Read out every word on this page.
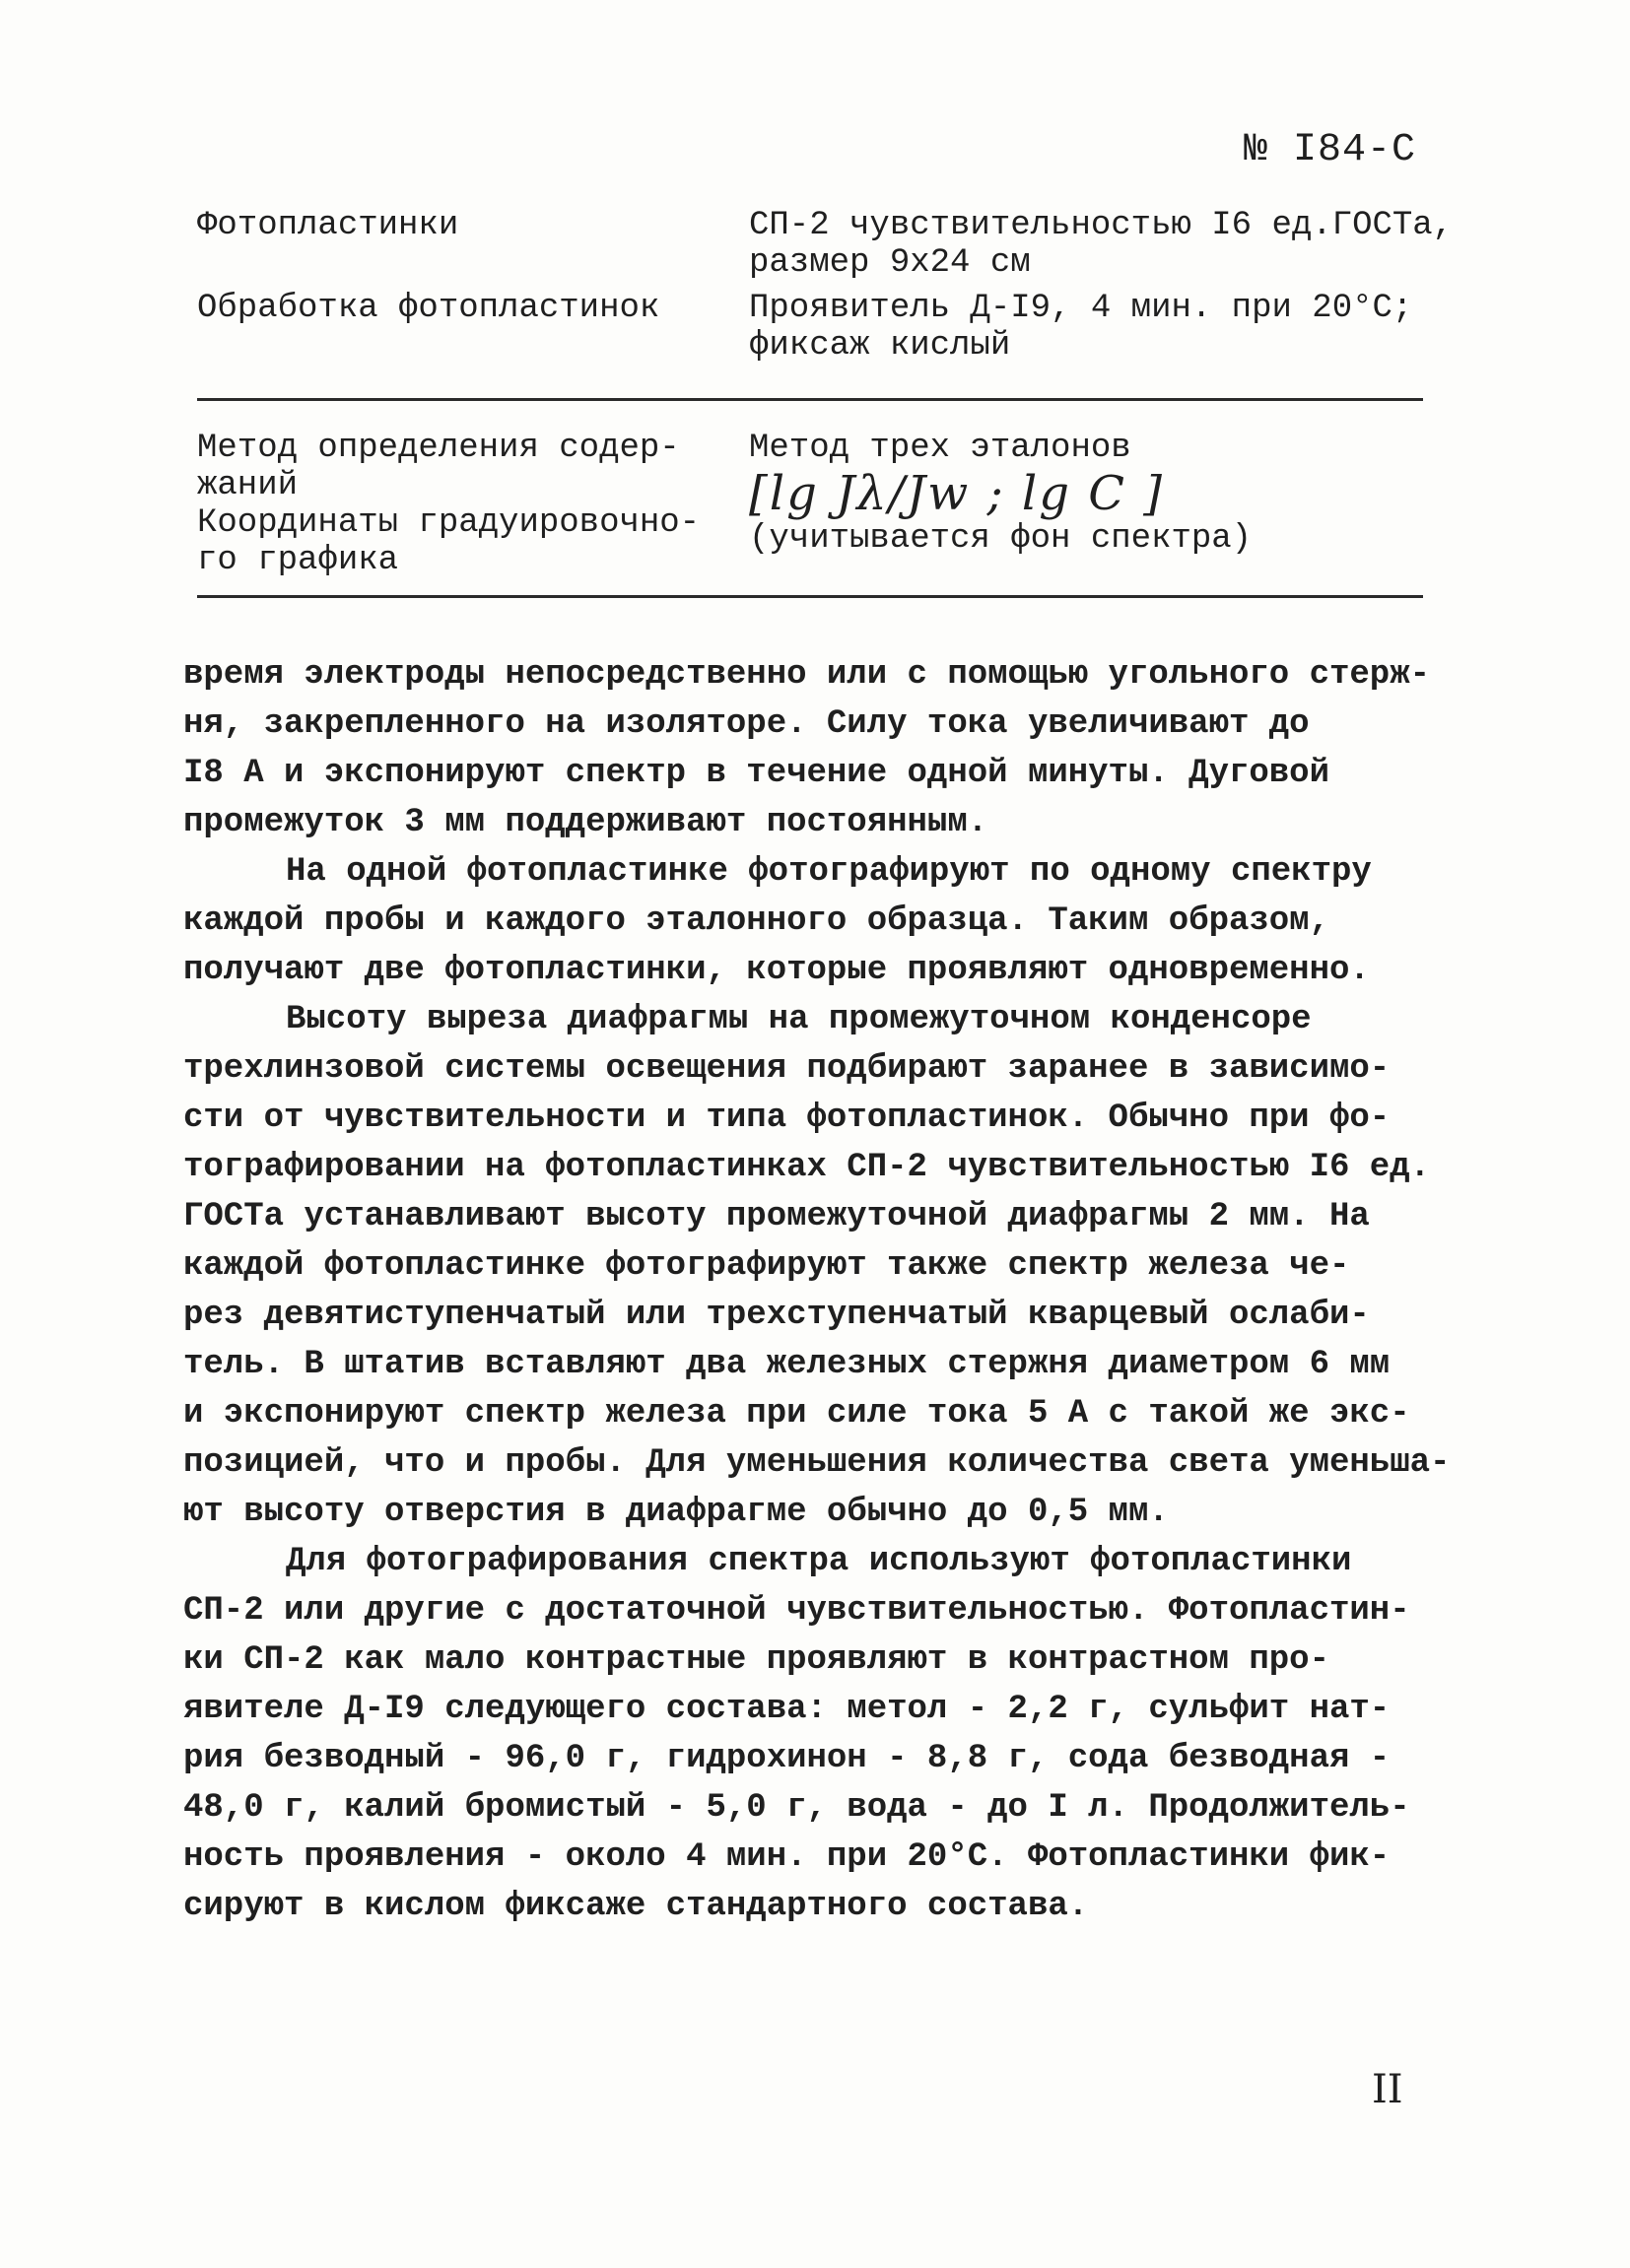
№ I84-C
Фотопластинки	СП-2 чувствительностью I6 ед.ГОСТа,
размер 9х24 см
Обработка фотопластинок	Проявитель Д-I9, 4 мин. при 20°С;
фиксаж кислый
Метод определения содер-
жаний
Метод трех эталонов
[lg Jλ/Jw ; lg C ]
(учитывается фон спектра)
Координаты градуировочно-
го графика

время электроды непосредственно или с помощью угольного стерж-
ня, закрепленного на изоляторе. Силу тока увеличивают до
I8 А и экспонируют спектр в течение одной минуты. Дуговой
промежуток 3 мм поддерживают постоянным.

На одной фотопластинке фотографируют по одному спектру
каждой пробы и каждого эталонного образца. Таким образом,
получают две фотопластинки, которые проявляют одновременно.

Высоту выреза диафрагмы на промежуточном конденсоре
трехлинзовой системы освещения подбирают заранее в зависимо-
сти от чувствительности и типа фотопластинок. Обычно при фо-
тографировании на фотопластинках СП-2 чувствительностью I6 ед.
ГОСТа устанавливают высоту промежуточной диафрагмы 2 мм. На
каждой фотопластинке фотографируют также спектр железа че-
рез девятиступенчатый или трехступенчатый кварцевый ослаби-
тель. В штатив вставляют два железных стержня диаметром 6 мм
и экспонируют спектр железа при силе тока 5 А с такой же экс-
позицией, что и пробы. Для уменьшения количества света уменьша-
ют высоту отверстия в диафрагме обычно до 0,5 мм.

Для фотографирования спектра используют фотопластинки
СП-2 или другие с достаточной чувствительностью. Фотопластин-
ки СП-2 как мало контрастные проявляют в контрастном про-
явителе Д-I9 следующего состава: метол - 2,2 г, сульфит нат-
рия безводный - 96,0 г, гидрохинон - 8,8 г, сода безводная -
48,0 г, калий бромистый - 5,0 г, вода - до I л. Продолжитель-
ность проявления - около 4 мин. при 20°С. Фотопластинки фик-
сируют в кислом фиксаже стандартного состава.

II
